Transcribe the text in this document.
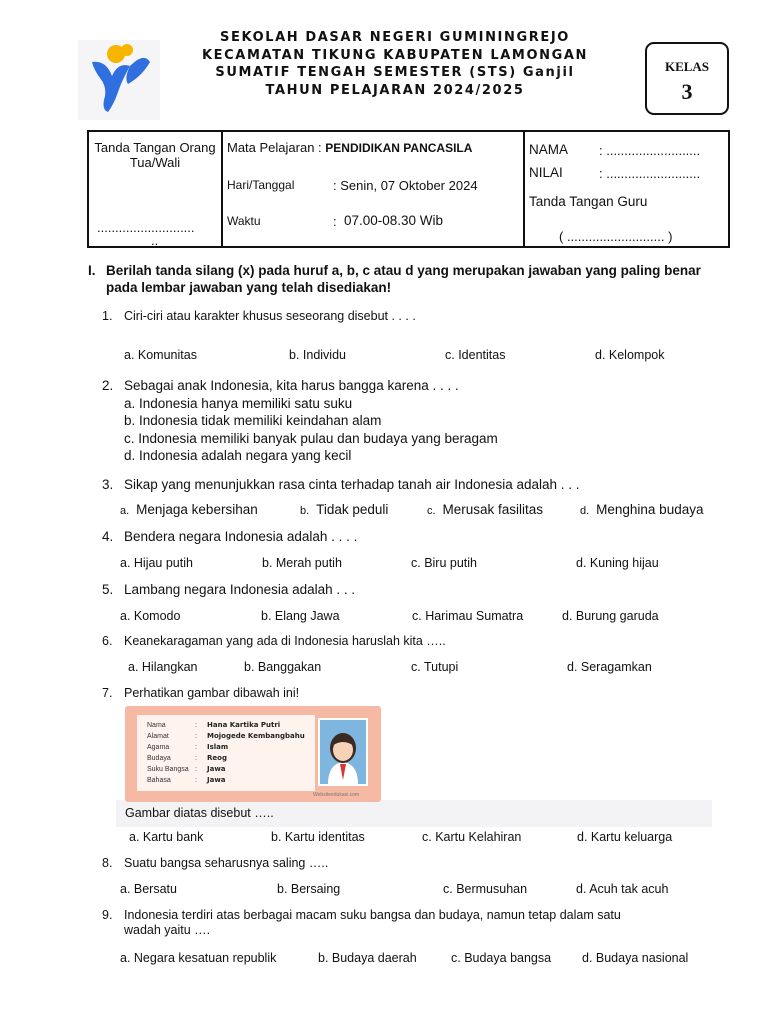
SEKOLAH DASAR NEGERI GUMININGREJO
KECAMATAN TIKUNG KABUPATEN LAMONGAN
SUMATIF TENGAH SEMESTER (STS) Ganjil
TAHUN PELAJARAN 2024/2025
KELAS
3
Tanda Tangan Orang Tua/Wali
...........................
..
Mata Pelajaran : PENDIDIKAN PANCASILA
Hari/Tanggal	: Senin, 07 Oktober 2024
Waktu	: 07.00-08.30 Wib
NAMA : ..........................
NILAI	: ..........................
Tanda Tangan Guru
( ........................... )
I. Berilah tanda silang (x) pada huruf a, b, c atau d yang merupakan jawaban yang paling benar pada lembar jawaban yang telah disediakan!
1. Ciri-ciri atau karakter khusus seseorang disebut . . . .
a. Komunitas	b. Individu	c. Identitas	d. Kelompok
2. Sebagai anak Indonesia, kita harus bangga karena . . . .
a. Indonesia hanya memiliki satu suku
b. Indonesia tidak memiliki keindahan alam
c. Indonesia memiliki banyak pulau dan budaya yang beragam
d. Indonesia adalah negara yang kecil
3. Sikap yang menunjukkan rasa cinta terhadap tanah air Indonesia adalah . . .
a. Menjaga kebersihan	b. Tidak peduli	c. Merusak fasilitas	d. Menghina budaya
4. Bendera negara Indonesia adalah . . . .
a. Hijau putih	b. Merah putih	c. Biru putih	d. Kuning hijau
5. Lambang negara Indonesia adalah . . .
a. Komodo	b. Elang Jawa	c. Harimau Sumatra	d. Burung garuda
6. Keanekaragaman yang ada di Indonesia haruslah kita …..
a. Hilangkan	b. Banggakan	c. Tutupi	d. Seragamkan
7. Perhatikan gambar dibawah ini!
Nama	: Hana Kartika Putri
Alamat	: Mojogede Kembangbahu
Agama	: Islam
Budaya	: Reog
Suku Bangsa : Jawa
Bahasa	: Jawa
Websiteedukasi.com
Gambar diatas disebut …..
a. Kartu bank	b. Kartu identitas	c. Kartu Kelahiran	d. Kartu keluarga
8. Suatu bangsa seharusnya saling …..
a. Bersatu	b. Bersaing	c. Bermusuhan	d. Acuh tak acuh
9. Indonesia terdiri atas berbagai macam suku bangsa dan budaya, namun tetap dalam satu
wadah yaitu ….
a. Negara kesatuan republik	b. Budaya daerah	c. Budaya bangsa d. Budaya nasional
